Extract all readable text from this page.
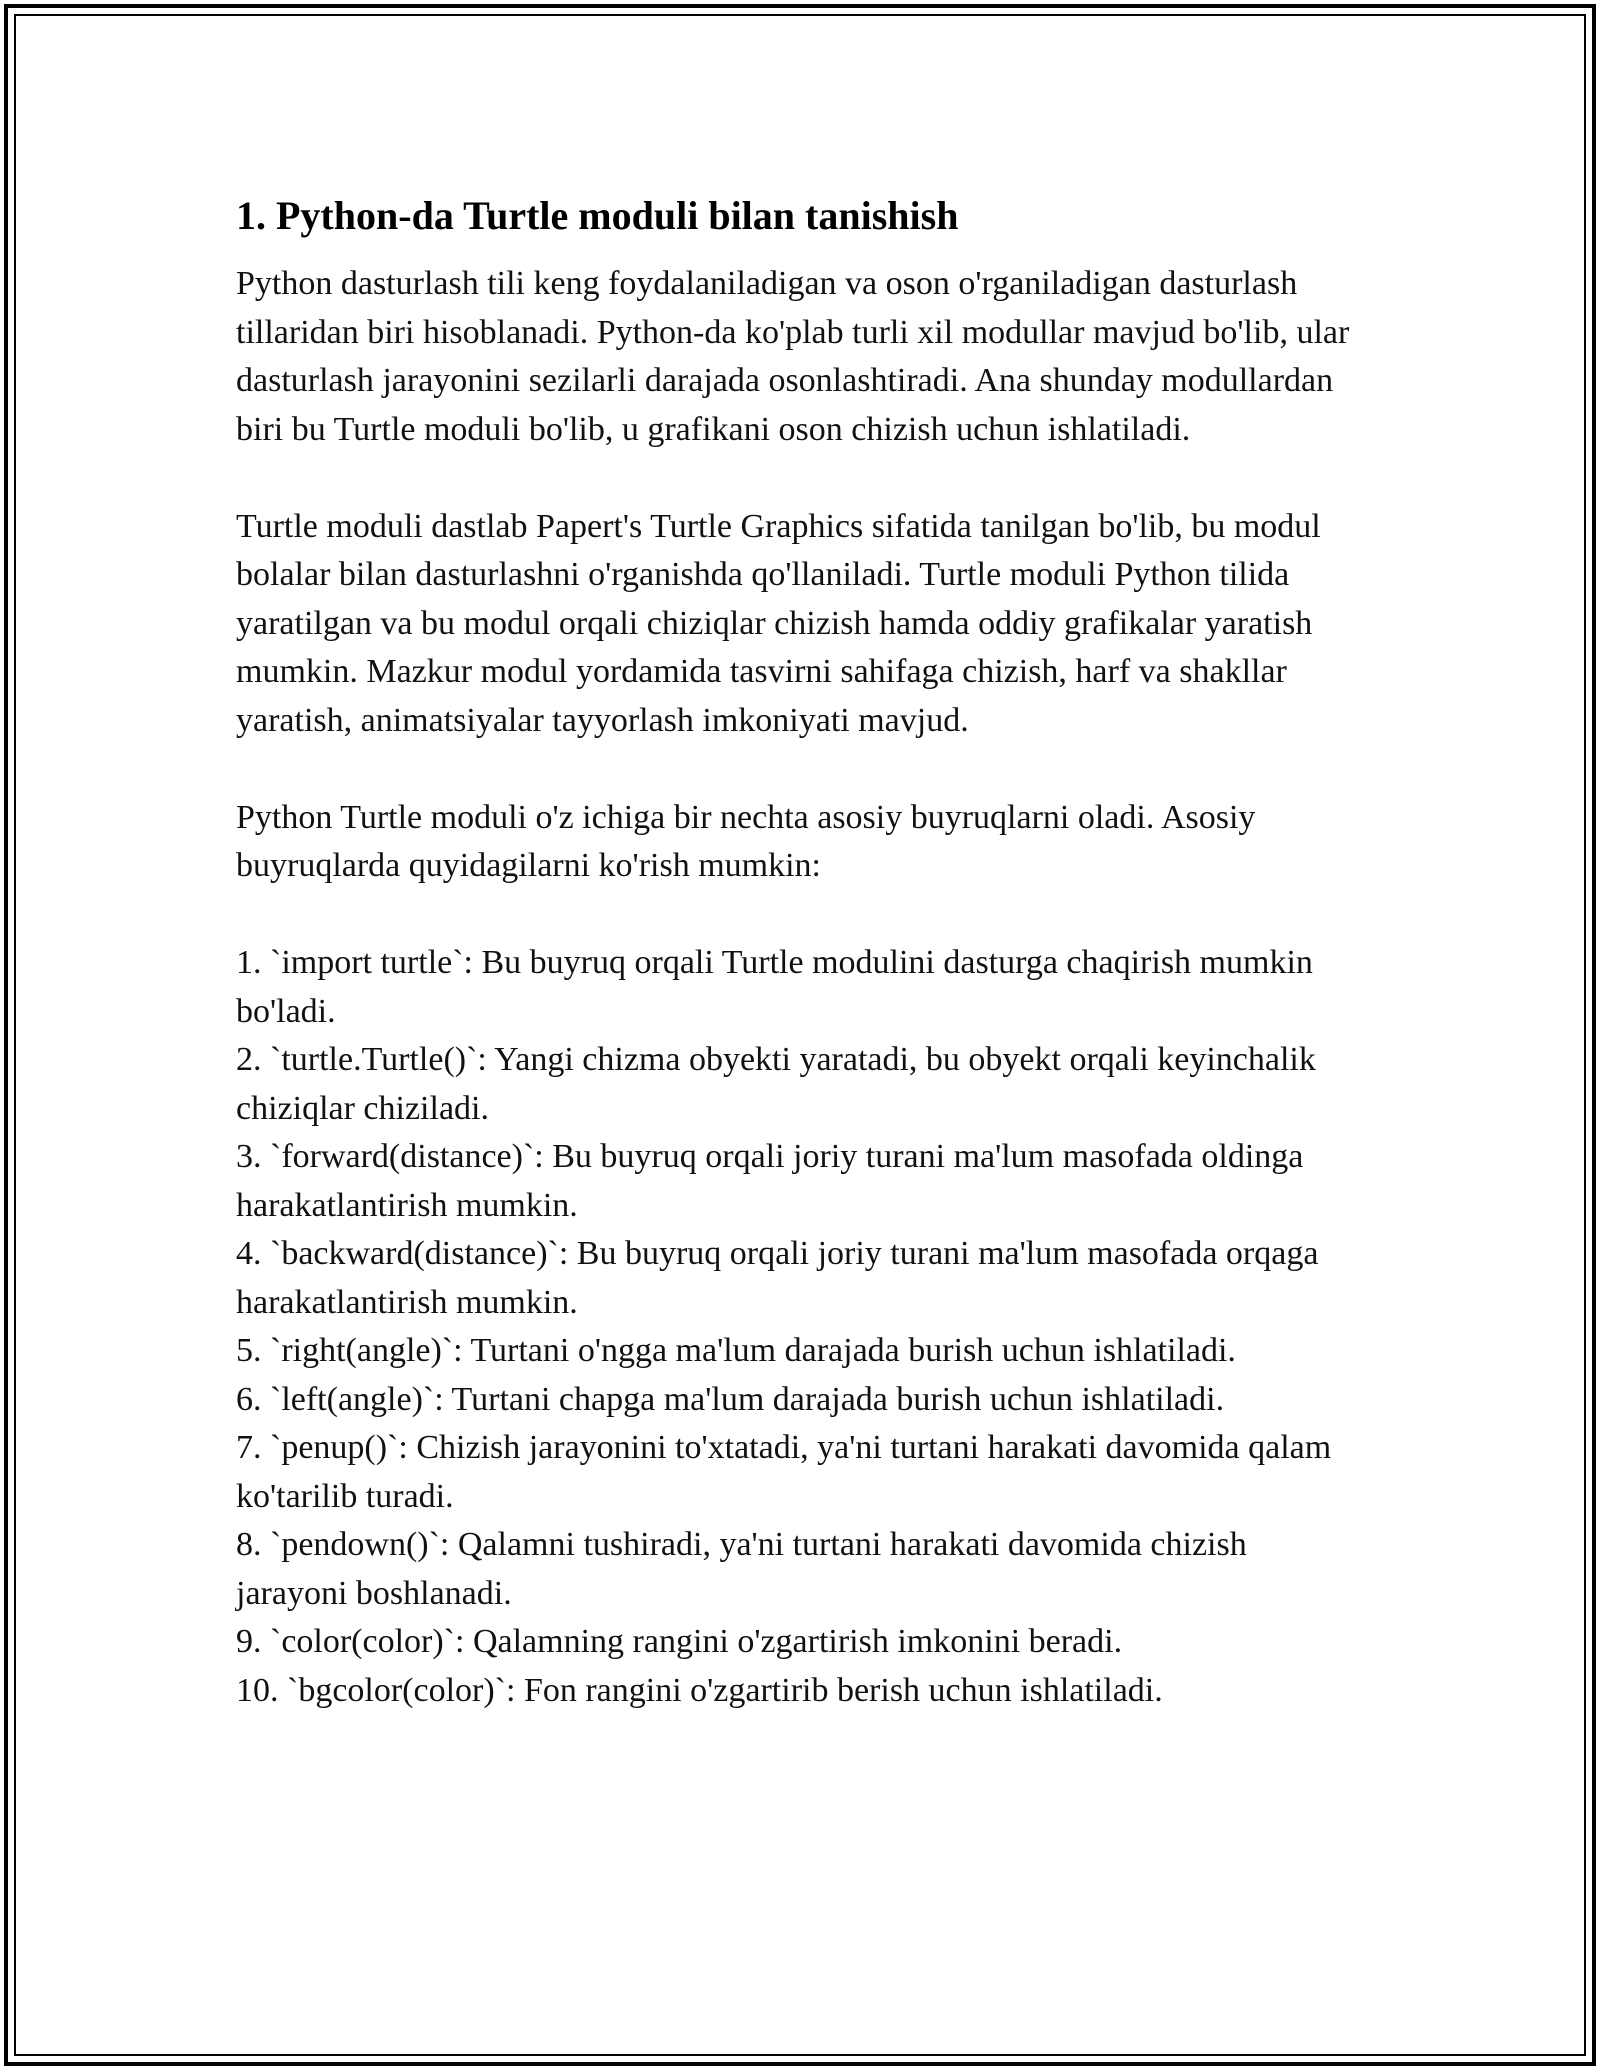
1. Python-da Turtle moduli bilan tanishish

Python dasturlash tili keng foydalaniladigan va oson o'rganiladigan dasturlash tillaridan biri hisoblanadi. Python-da ko'plab turli xil modullar mavjud bo'lib, ular dasturlash jarayonini sezilarli darajada osonlashtiradi. Ana shunday modullardan biri bu Turtle moduli bo'lib, u grafikani oson chizish uchun ishlatiladi.

Turtle moduli dastlab Papert's Turtle Graphics sifatida tanilgan bo'lib, bu modul bolalar bilan dasturlashni o'rganishda qo'llaniladi. Turtle moduli Python tilida yaratilgan va bu modul orqali chiziqlar chizish hamda oddiy grafikalar yaratish mumkin. Mazkur modul yordamida tasvirni sahifaga chizish, harf va shakllar yaratish, animatsiyalar tayyorlash imkoniyati mavjud.

Python Turtle moduli o'z ichiga bir nechta asosiy buyruqlarni oladi. Asosiy buyruqlarda quyidagilarni ko'rish mumkin:

1. `import turtle`: Bu buyruq orqali Turtle modulini dasturga chaqirish mumkin bo'ladi.
2. `turtle.Turtle()`: Yangi chizma obyekti yaratadi, bu obyekt orqali keyinchalik chiziqlar chiziladi.
3. `forward(distance)`: Bu buyruq orqali joriy turani ma'lum masofada oldinga harakatlantirish mumkin.
4. `backward(distance)`: Bu buyruq orqali joriy turani ma'lum masofada orqaga harakatlantirish mumkin.
5. `right(angle)`: Turtani o'ngga ma'lum darajada burish uchun ishlatiladi.
6. `left(angle)`: Turtani chapga ma'lum darajada burish uchun ishlatiladi.
7. `penup()`: Chizish jarayonini to'xtatadi, ya'ni turtani harakati davomida qalam ko'tarilib turadi.
8. `pendown()`: Qalamni tushiradi, ya'ni turtani harakati davomida chizish jarayoni boshlanadi.
9. `color(color)`: Qalamning rangini o'zgartirish imkonini beradi.
10. `bgcolor(color)`: Fon rangini o'zgartirib berish uchun ishlatiladi.
